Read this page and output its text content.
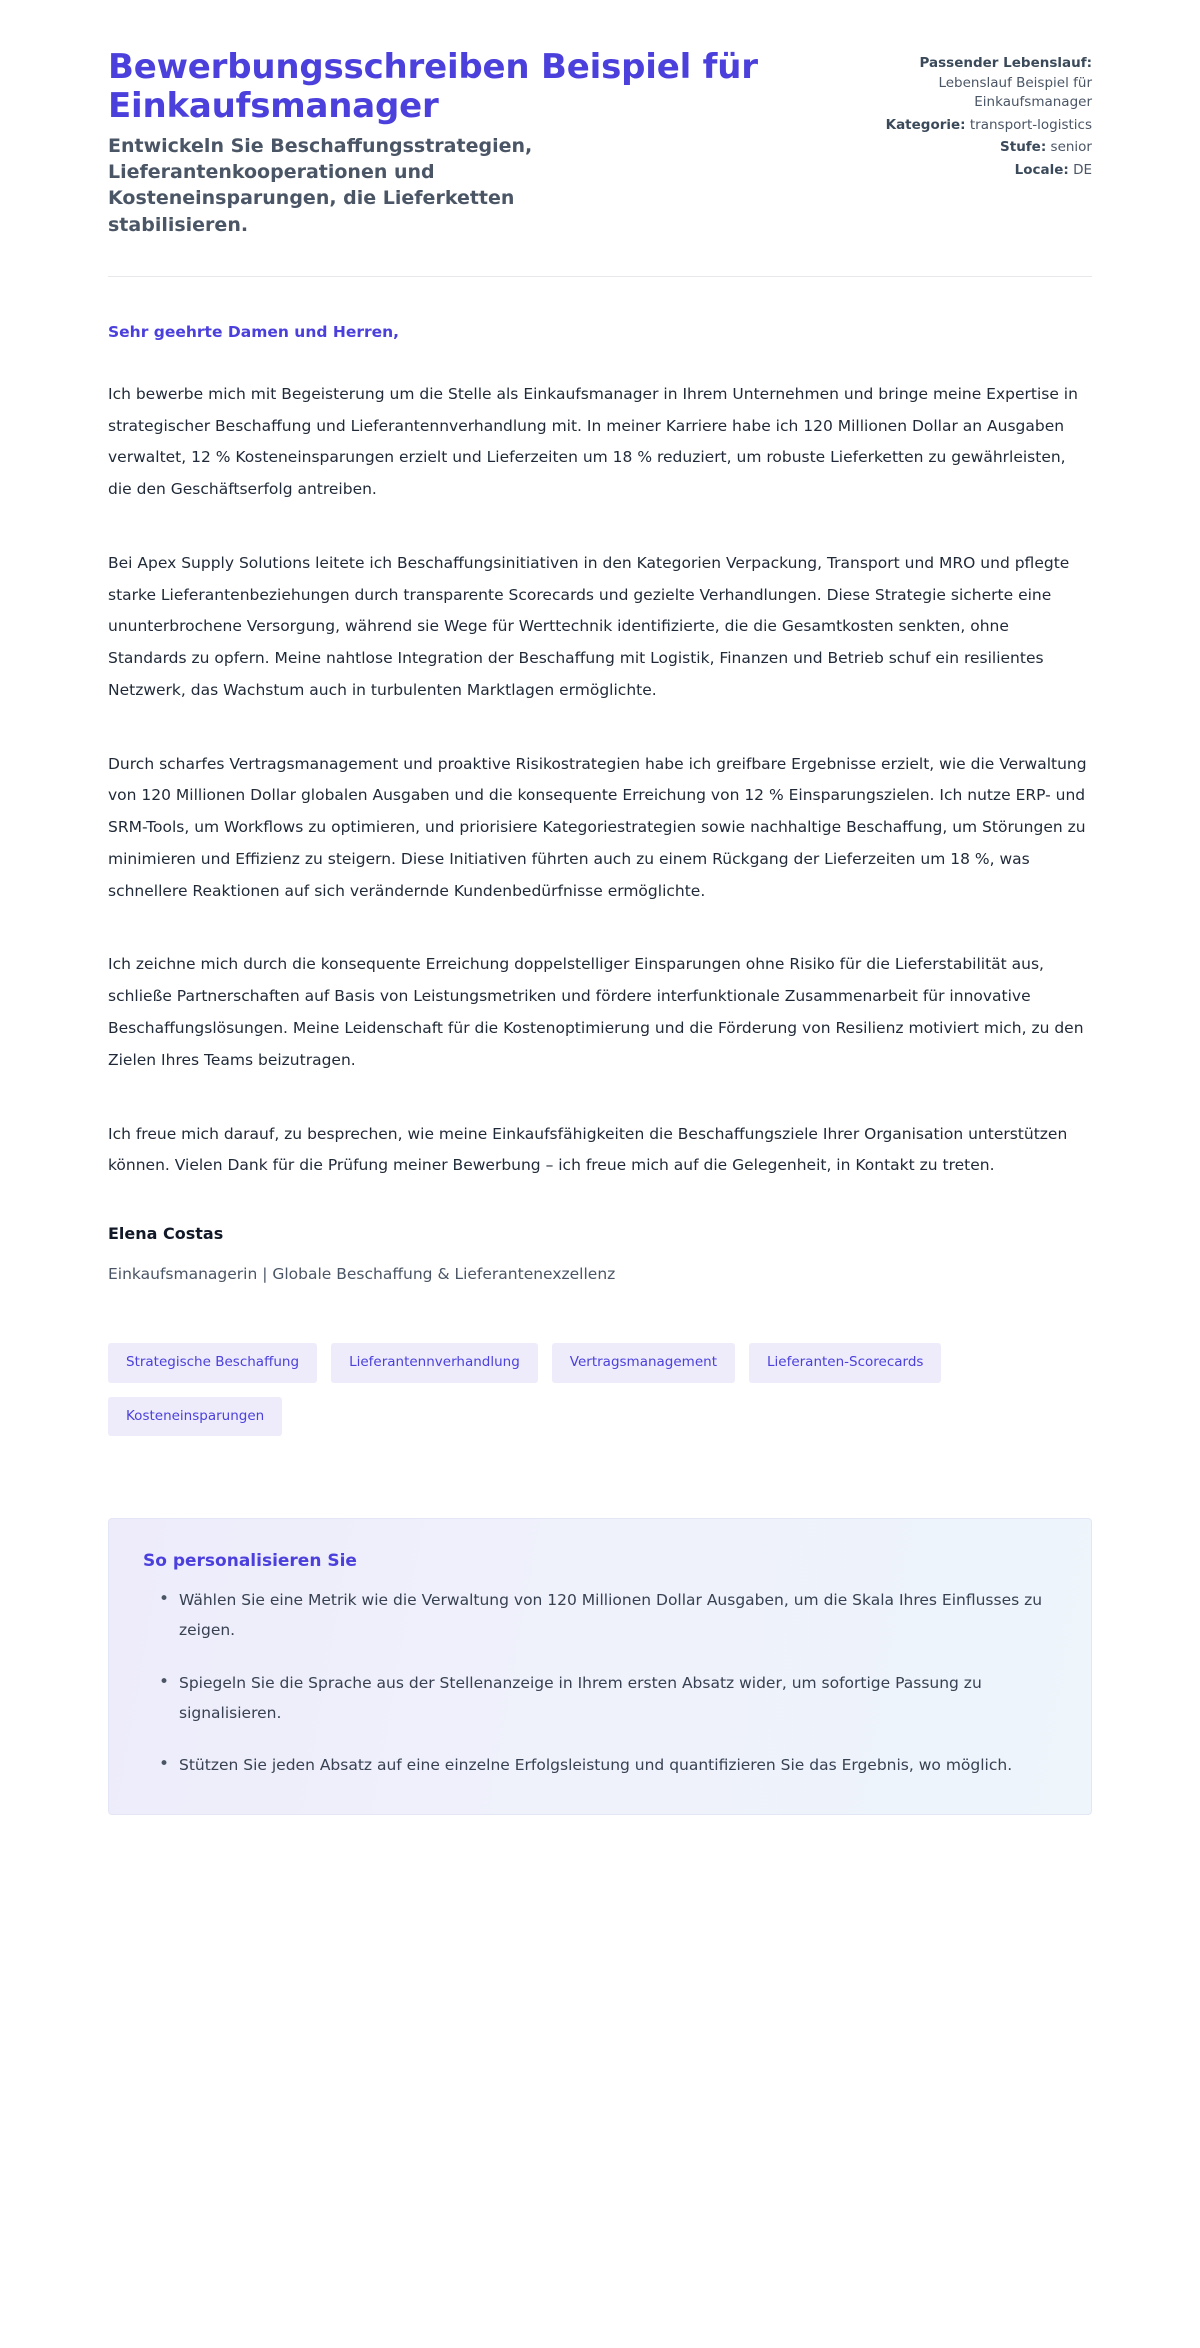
Bewerbungsschreiben Beispiel für Einkaufsmanager

Entwickeln Sie Beschaffungsstrategien, Lieferantenkooperationen und Kosteneinsparungen, die Lieferketten stabilisieren.

Passender Lebenslauf: Lebenslauf Beispiel für Einkaufsmanager
Kategorie: transport-logistics
Stufe: senior
Locale: DE

Sehr geehrte Damen und Herren,

Ich bewerbe mich mit Begeisterung um die Stelle als Einkaufsmanager in Ihrem Unternehmen und bringe meine Expertise in strategischer Beschaffung und Lieferantennverhandlung mit. In meiner Karriere habe ich 120 Millionen Dollar an Ausgaben verwaltet, 12 % Kosteneinsparungen erzielt und Lieferzeiten um 18 % reduziert, um robuste Lieferketten zu gewährleisten, die den Geschäftserfolg antreiben.

Bei Apex Supply Solutions leitete ich Beschaffungsinitiativen in den Kategorien Verpackung, Transport und MRO und pflegte starke Lieferantenbeziehungen durch transparente Scorecards und gezielte Verhandlungen. Diese Strategie sicherte eine ununterbrochene Versorgung, während sie Wege für Werttechnik identifizierte, die die Gesamtkosten senkten, ohne Standards zu opfern. Meine nahtlose Integration der Beschaffung mit Logistik, Finanzen und Betrieb schuf ein resilientes Netzwerk, das Wachstum auch in turbulenten Marktlagen ermöglichte.

Durch scharfes Vertragsmanagement und proaktive Risikostrategien habe ich greifbare Ergebnisse erzielt, wie die Verwaltung von 120 Millionen Dollar globalen Ausgaben und die konsequente Erreichung von 12 % Einsparungszielen. Ich nutze ERP- und SRM-Tools, um Workflows zu optimieren, und priorisiere Kategoriestrategien sowie nachhaltige Beschaffung, um Störungen zu minimieren und Effizienz zu steigern. Diese Initiativen führten auch zu einem Rückgang der Lieferzeiten um 18 %, was schnellere Reaktionen auf sich verändernde Kundenbedürfnisse ermöglichte.

Ich zeichne mich durch die konsequente Erreichung doppelstelliger Einsparungen ohne Risiko für die Lieferstabilität aus, schließe Partnerschaften auf Basis von Leistungsmetriken und fördere interfunktionale Zusammenarbeit für innovative Beschaffungslösungen. Meine Leidenschaft für die Kostenoptimierung und die Förderung von Resilienz motiviert mich, zu den Zielen Ihres Teams beizutragen.

Ich freue mich darauf, zu besprechen, wie meine Einkaufsfähigkeiten die Beschaffungsziele Ihrer Organisation unterstützen können. Vielen Dank für die Prüfung meiner Bewerbung – ich freue mich auf die Gelegenheit, in Kontakt zu treten.

Elena Costas

Einkaufsmanagerin | Globale Beschaffung & Lieferantenexzellenz

Strategische Beschaffung	Lieferantennverhandlung	Vertragsmanagement	Lieferanten-Scorecards
Kosteneinsparungen
So personalisieren Sie
• Wählen Sie eine Metrik wie die Verwaltung von 120 Millionen Dollar Ausgaben, um die Skala Ihres Einflusses zu zeigen.
• Spiegeln Sie die Sprache aus der Stellenanzeige in Ihrem ersten Absatz wider, um sofortige Passung zu signalisieren.
• Stützen Sie jeden Absatz auf eine einzelne Erfolgsleistung und quantifizieren Sie das Ergebnis, wo möglich.
